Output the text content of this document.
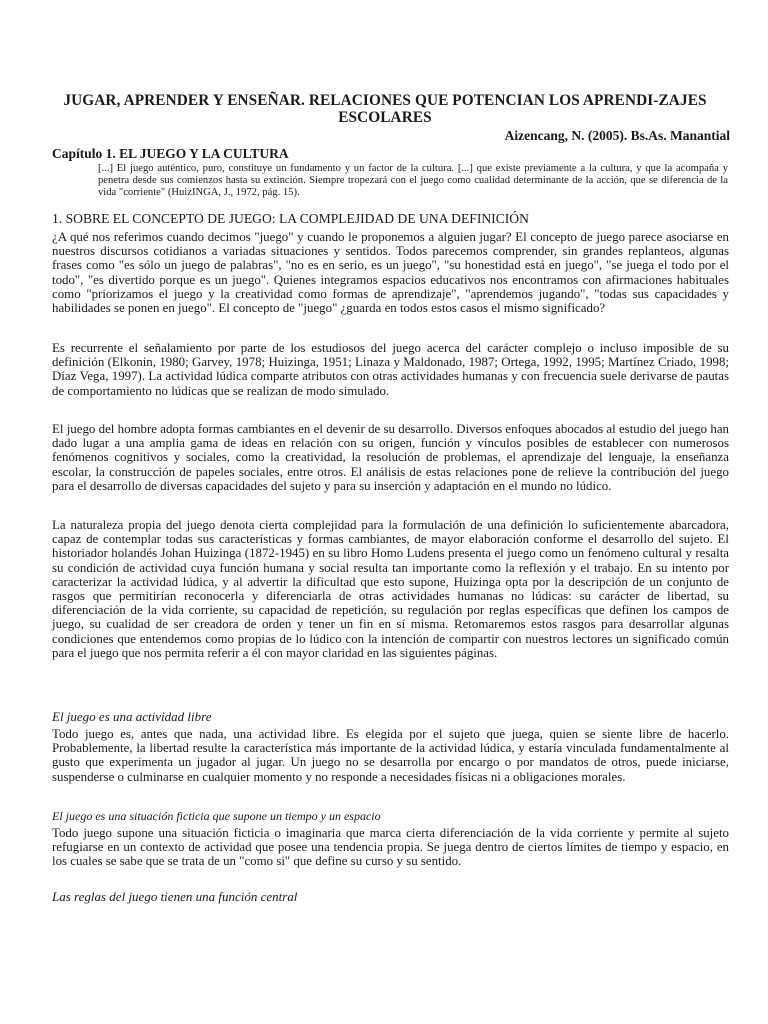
JUGAR, APRENDER Y ENSEÑAR. RELACIONES QUE POTENCIAN LOS APRENDI-ZAJES ESCOLARES
Aizencang, N. (2005). Bs.As. Manantial
Capítulo 1. EL JUEGO Y LA CULTURA
[...] El juego auténtico, puro, constituye un fundamento y un factor de la cultura. [...] que existe previamente a la cultura, y que la acompaña y penetra desde sus comienzos hasta su extinción. Siempre tropezará con el juego como cualidad determinante de la acción, que se diferencia de la vida "corriente" (HuizINGA, J., 1972, pág. 15).
1. SOBRE EL CONCEPTO DE JUEGO: LA COMPLEJIDAD DE UNA DEFINICIÓN

¿A qué nos referimos cuando decimos "juego" y cuando le proponemos a alguien jugar? El concepto de juego parece asociarse en nuestros discursos cotidianos a variadas situaciones y sentidos. Todos parecemos comprender, sin grandes replanteos, algunas frases como "es sólo un juego de palabras", "no es en serio, es un juego", "su honestidad está en juego", "se juega el todo por el todo", "es divertido porque es un juego". Quienes integramos espacios educativos nos encontramos con afirmaciones habituales como "priorizamos el juego y la creatividad como formas de aprendizaje", "aprendemos jugando", "todas sus capacidades y habilidades se ponen en juego". El concepto de "juego" ¿guarda en todos estos casos el mismo significado?

Es recurrente el señalamiento por parte de los estudiosos del juego acerca del carácter complejo o incluso imposible de su definición (Elkonin, 1980; Garvey, 1978; Huizinga, 1951; Linaza y Maldonado, 1987; Ortega, 1992, 1995; Martínez Criado, 1998; Díaz Vega, 1997). La actividad lúdica comparte atributos con otras actividades humanas y con frecuencia suele derivarse de pautas de comportamiento no lúdicas que se realizan de modo simulado.

El juego del hombre adopta formas cambiantes en el devenir de su desarrollo. Diversos enfoques abocados al estudio del juego han dado lugar a una amplia gama de ideas en relación con su origen, función y vínculos posibles de establecer con numerosos fenómenos cognitivos y sociales, como la creatividad, la resolución de problemas, el aprendizaje del lenguaje, la enseñanza escolar, la construcción de papeles sociales, entre otros. El análisis de estas relaciones pone de relieve la contribución del juego para el desarrollo de diversas capacidades del sujeto y para su inserción y adaptación en el mundo no lúdico.

La naturaleza propia del juego denota cierta complejidad para la formulación de una definición lo suficientemente abarcadora, capaz de contemplar todas sus características y formas cambiantes, de mayor elaboración conforme el desarrollo del sujeto. El historiador holandés Johan Huizinga (1872-1945) en su libro Homo Ludens presenta el juego como un fenómeno cultural y resalta su condición de actividad cuya función humana y social resulta tan importante como la reflexión y el trabajo. En su intento por caracterizar la actividad lúdica, y al advertir la dificultad que esto supone, Huizinga opta por la descripción de un conjunto de rasgos que permitirían reconocerla y diferenciarla de otras actividades humanas no lúdicas: su carácter de libertad, su diferenciación de la vida corriente, su capacidad de repetición, su regulación por reglas específicas que definen los campos de juego, su cualidad de ser creadora de orden y tener un fin en sí misma. Retomaremos estos rasgos para desarrollar algunas condiciones que entendemos como propias de lo lúdico con la intención de compartir con nuestros lectores un significado común para el juego que nos permita referir a él con mayor claridad en las siguientes páginas.

El juego es una actividad libre

Todo juego es, antes que nada, una actividad libre. Es elegida por el sujeto que juega, quien se siente libre de hacerlo. Probablemente, la libertad resulte la característica más importante de la actividad lúdica, y estaría vinculada fundamentalmente al gusto que experimenta un jugador al jugar. Un juego no se desarrolla por encargo o por mandatos de otros, puede iniciarse, suspenderse o culminarse en cualquier momento y no responde a necesidades físicas ni a obligaciones morales.

El juego es una situación ficticia que supone un tiempo y un espacio

Todo juego supone una situación ficticia o imaginaria que marca cierta diferenciación de la vida corriente y permite al sujeto refugiarse en un contexto de actividad que posee una tendencia propia. Se juega dentro de ciertos límites de tiempo y espacio, en los cuales se sabe que se trata de un "como si" que define su curso y su sentido.

Las reglas del juego tienen una función central
